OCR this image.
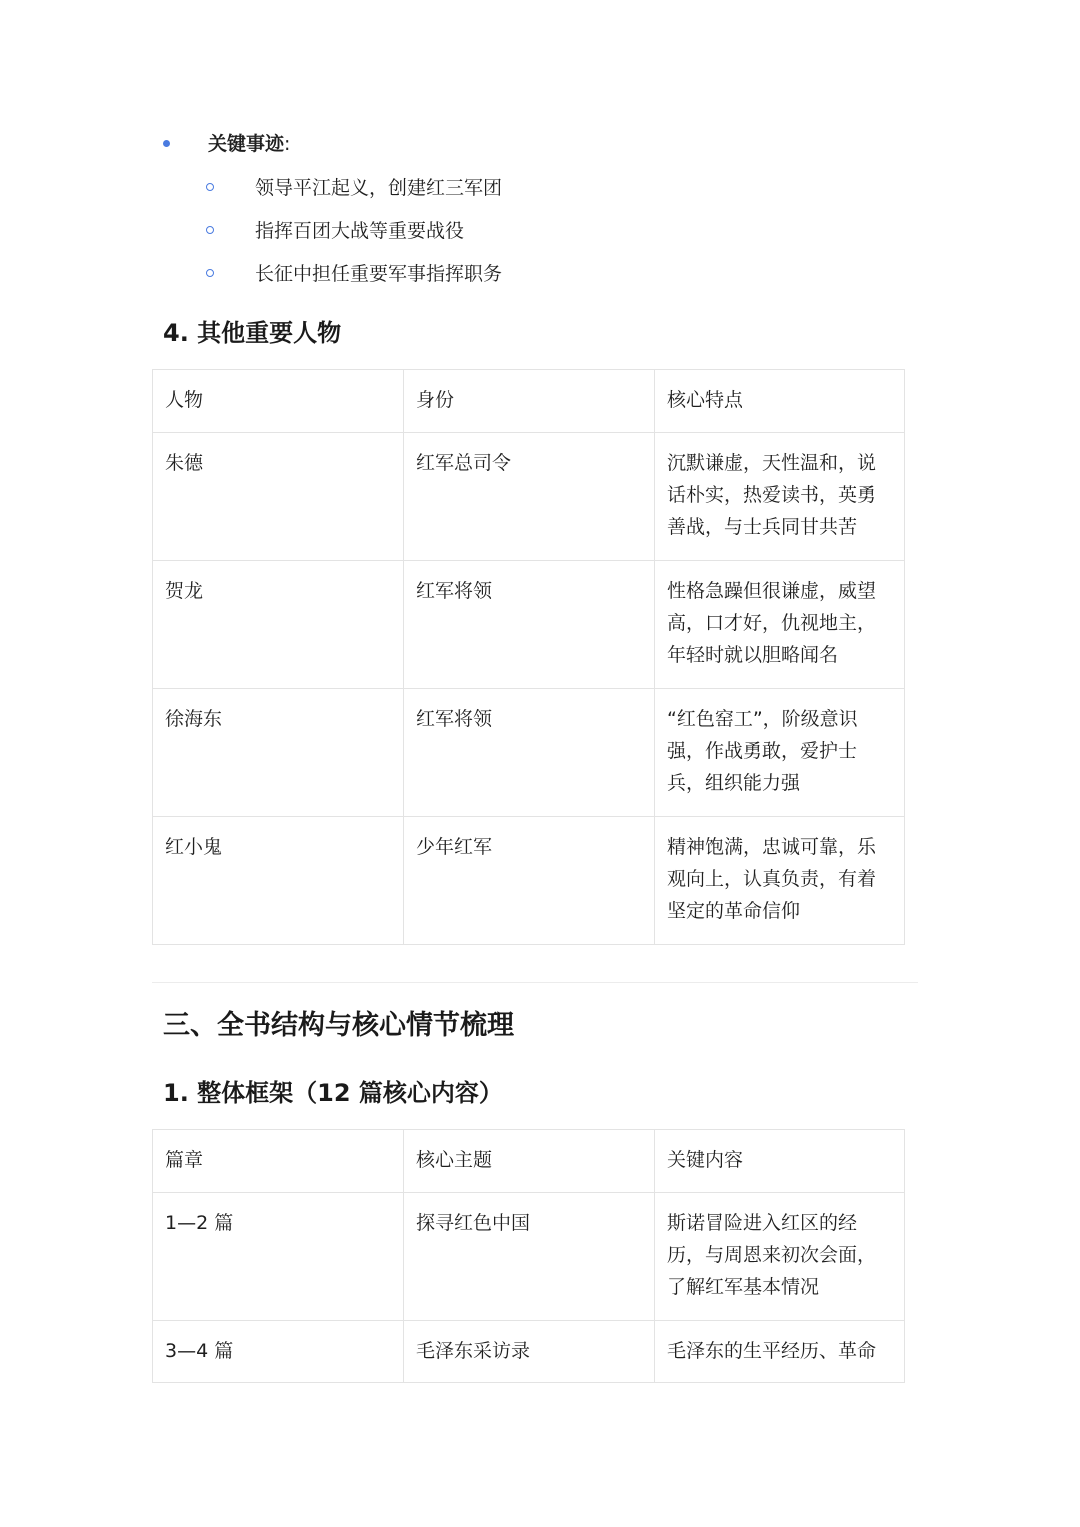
关键事迹:
领导平江起义，创建红三军团
指挥百团大战等重要战役
长征中担任重要军事指挥职务
4. 其他重要人物
人物	身份	核心特点
朱德	红军总司令	沉默谦虚，天性温和，说话朴实，热爱读书，英勇善战，与士兵同甘共苦
贺龙	红军将领	性格急躁但很谦虚，威望高，口才好，仇视地主，年轻时就以胆略闻名
徐海东	红军将领	“红色窑工”，阶级意识强，作战勇敢，爱护士兵，组织能力强
红小鬼	少年红军	精神饱满，忠诚可靠，乐观向上，认真负责，有着坚定的革命信仰
三、全书结构与核心情节梳理
1. 整体框架（12 篇核心内容）
篇章	核心主题	关键内容
1—2 篇	探寻红色中国	斯诺冒险进入红区的经历，与周恩来初次会面，了解红军基本情况
3—4 篇	毛泽东采访录	毛泽东的生平经历、革命
